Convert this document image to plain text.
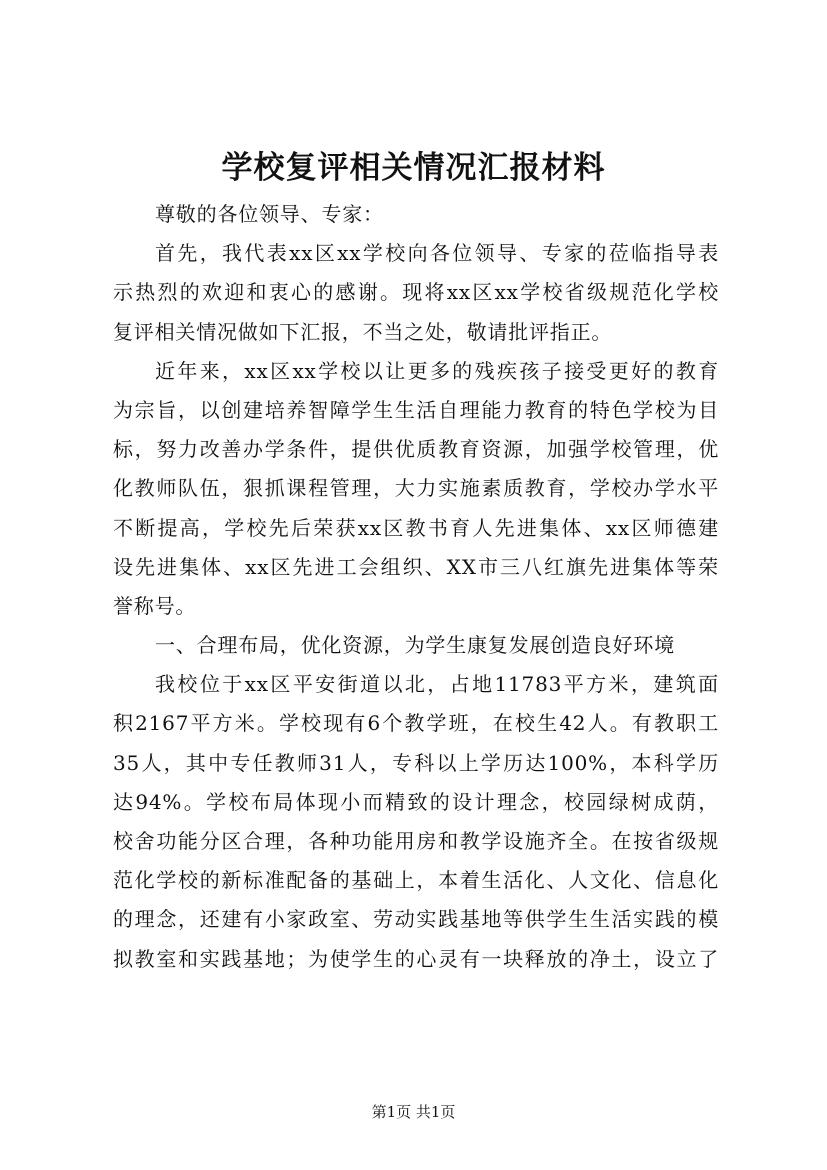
学校复评相关情况汇报材料
尊敬的各位领导、专家：
首先，我代表xx区xx学校向各位领导、专家的莅临指导表
示热烈的欢迎和衷心的感谢。现将xx区xx学校省级规范化学校
复评相关情况做如下汇报，不当之处，敬请批评指正。
近年来，xx区xx学校以让更多的残疾孩子接受更好的教育
为宗旨，以创建培养智障学生生活自理能力教育的特色学校为目
标，努力改善办学条件，提供优质教育资源，加强学校管理，优
化教师队伍，狠抓课程管理，大力实施素质教育，学校办学水平
不断提高，学校先后荣获xx区教书育人先进集体、xx区师德建
设先进集体、xx区先进工会组织、XX市三八红旗先进集体等荣
誉称号。
一、合理布局，优化资源，为学生康复发展创造良好环境
我校位于xx区平安街道以北，占地11783平方米，建筑面
积2167平方米。学校现有6个教学班，在校生42人。有教职工
35人，其中专任教师31人，专科以上学历达100%，本科学历
达94%。学校布局体现小而精致的设计理念，校园绿树成荫，
校舍功能分区合理，各种功能用房和教学设施齐全。在按省级规
范化学校的新标准配备的基础上，本着生活化、人文化、信息化
的理念，还建有小家政室、劳动实践基地等供学生生活实践的模
拟教室和实践基地；为使学生的心灵有一块释放的净土，设立了
第1页 共1页
